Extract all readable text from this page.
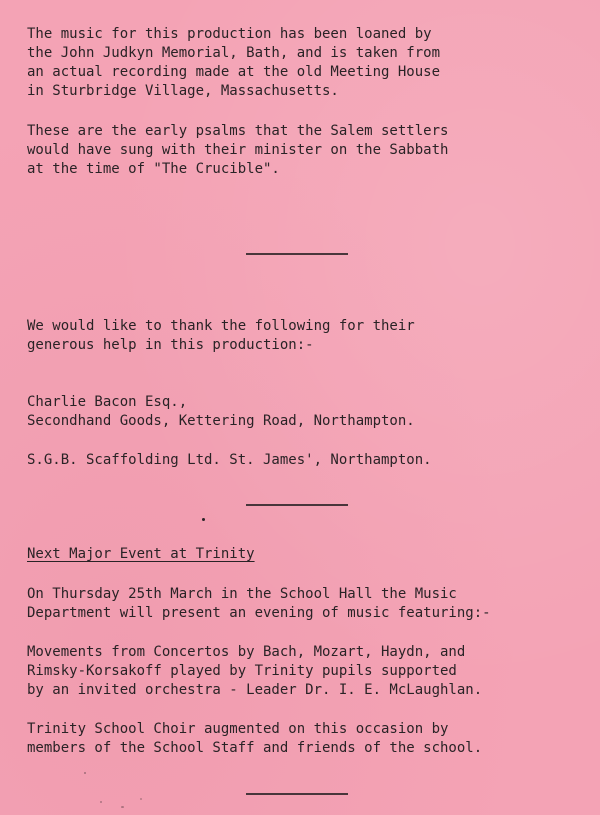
The music for this production has been loaned by
the John Judkyn Memorial, Bath, and is taken from
an actual recording made at the old Meeting House
in Sturbridge Village, Massachusetts.

These are the early psalms that the Salem settlers
would have sung with their minister on the Sabbath
at the time of "The Crucible".

We would like to thank the following for their
generous help in this production:-

Charlie Bacon Esq.,
Secondhand Goods, Kettering Road, Northampton.

S.G.B. Scaffolding Ltd. St. James', Northampton.

Next Major Event at Trinity

On Thursday 25th March in the School Hall the Music
Department will present an evening of music featuring:-

Movements from Concertos by Bach, Mozart, Haydn, and
Rimsky-Korsakoff played by Trinity pupils supported
by an invited orchestra - Leader Dr. I. E. McLaughlan.

Trinity School Choir augmented on this occasion by
members of the School Staff and friends of the school.
